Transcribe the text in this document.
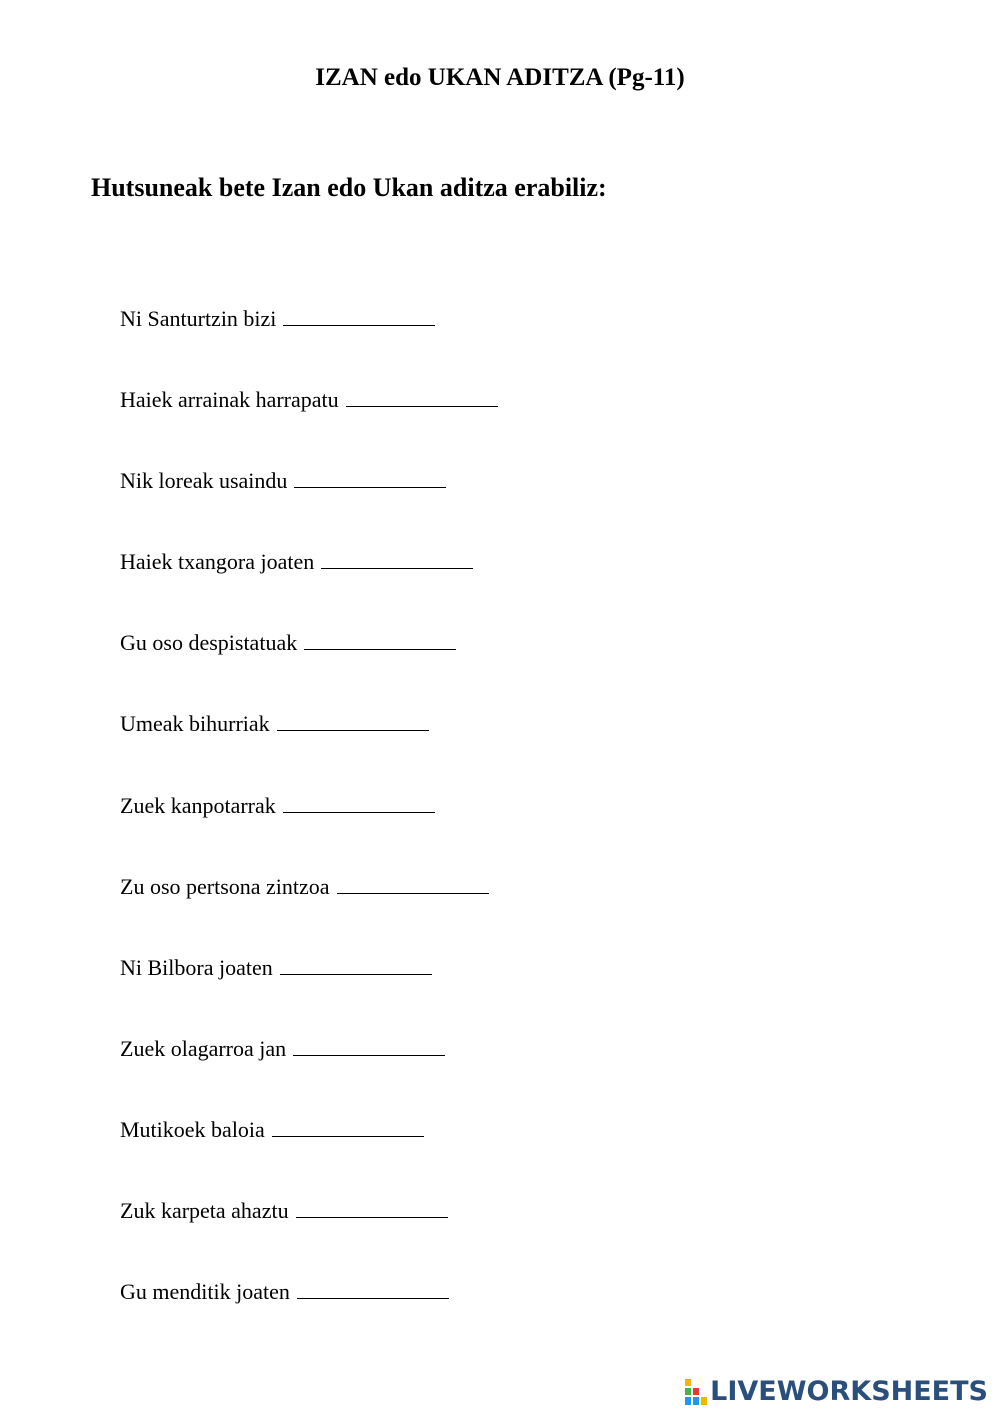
IZAN edo UKAN ADITZA (Pg-11)
Hutsuneak bete Izan edo Ukan aditza erabiliz:
Ni Santurtzin bizi
Haiek arrainak harrapatu
Nik loreak usaindu
Haiek txangora joaten
Gu oso despistatuak
Umeak bihurriak
Zuek kanpotarrak
Zu oso pertsona zintzoa
Ni Bilbora joaten
Zuek olagarroa jan
Mutikoek baloia
Zuk karpeta ahaztu
Gu menditik joaten
LIVEWORKSHEETS
